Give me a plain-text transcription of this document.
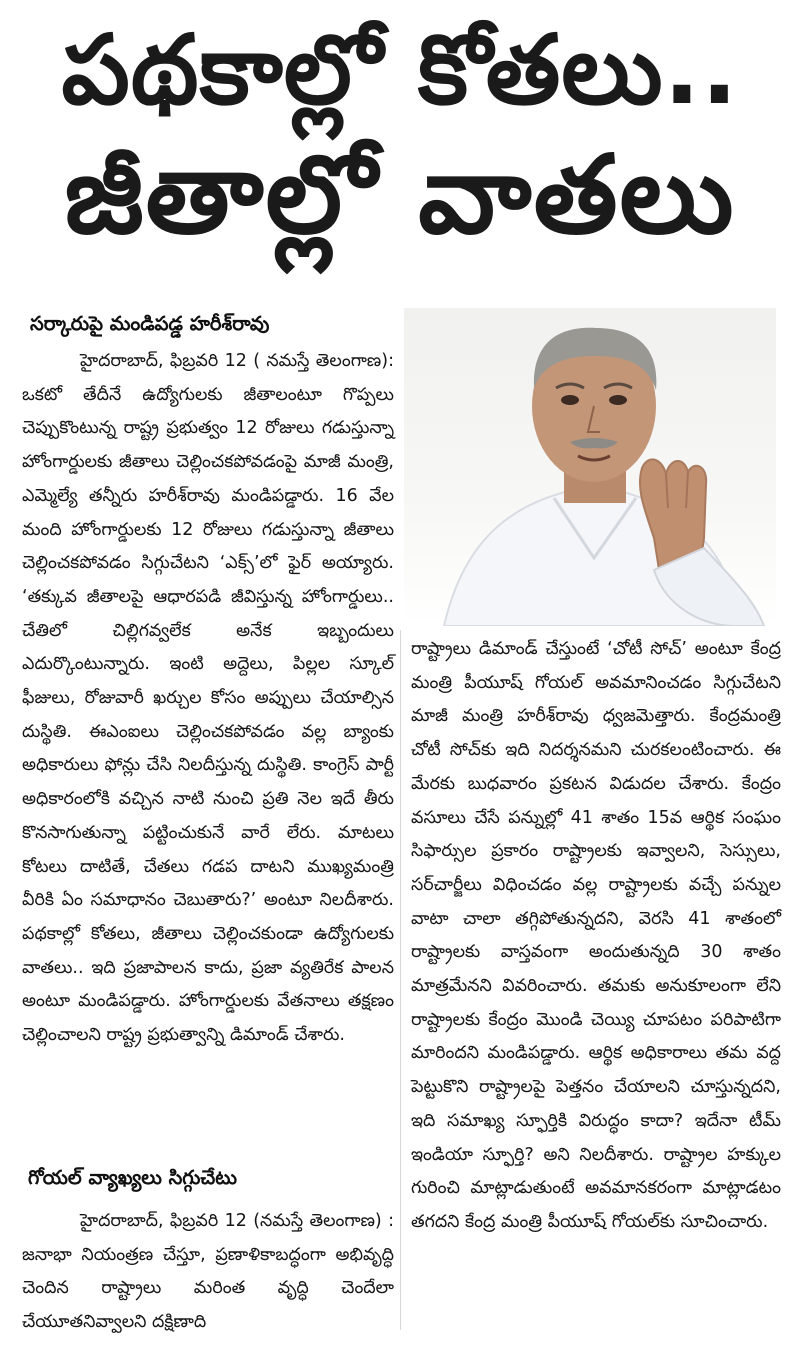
పథకాల్లో కోతలు..
జీతాల్లో వాతలు
సర్కారుపై మండిపడ్డ హరీశ్‌రావు

హైదరాబాద్, ఫిబ్రవరి 12 ( నమస్తే తెలంగాణ): ఒకటో తేదీనే ఉద్యోగులకు జీతాలంటూ గొప్పలు చెప్పుకొంటున్న రాష్ట్ర ప్రభుత్వం 12 రోజులు గడుస్తున్నా హోంగార్డులకు జీతాలు చెల్లించకపోవడంపై మాజీ మంత్రి, ఎమ్మెల్యే తన్నీరు హరీశ్‌రావు మండిపడ్డారు. 16 వేల మంది హోంగార్డులకు 12 రోజులు గడుస్తున్నా జీతాలు చెల్లించకపోవడం సిగ్గుచేటని ‘ఎక్స్’లో ఫైర్ అయ్యారు. ‘తక్కువ జీతాలపై ఆధారపడి జీవిస్తున్న హోంగార్డులు.. చేతిలో చిల్లిగవ్వలేక అనేక ఇబ్బందులు ఎదుర్కొంటున్నారు. ఇంటి అద్దెలు, పిల్లల స్కూల్ ఫీజులు, రోజువారీ ఖర్చుల కోసం అప్పులు చేయాల్సిన దుస్థితి. ఈఎంఐలు చెల్లించకపోవడం వల్ల బ్యాంకు అధికారులు ఫోన్లు చేసి నిలదీస్తున్న దుస్థితి. కాంగ్రెస్ పార్టీ అధికారంలోకి వచ్చిన నాటి నుంచి ప్రతి నెల ఇదే తీరు కొనసాగుతున్నా పట్టించుకునే వారే లేరు. మాటలు కోటలు దాటితే, చేతలు గడప దాటని ముఖ్యమంత్రి వీరికి ఏం సమాధానం చెబుతారు?’ అంటూ నిలదీశారు. పథకాల్లో కోతలు, జీతాలు చెల్లించకుండా ఉద్యోగులకు వాతలు.. ఇది ప్రజాపాలన కాదు, ప్రజా వ్యతిరేక పాలన అంటూ మండిపడ్డారు. హోంగార్డులకు వేతనాలు తక్షణం చెల్లించాలని రాష్ట్ర ప్రభుత్వాన్ని డిమాండ్ చేశారు.

గోయల్ వ్యాఖ్యలు సిగ్గుచేటు

హైదరాబాద్, ఫిబ్రవరి 12 (నమస్తే తెలంగాణ) : జనాభా నియంత్రణ చేస్తూ, ప్రణాళికాబద్ధంగా అభివృద్ధి చెందిన రాష్ట్రాలు మరింత వృద్ధి చెందేలా చేయూతనివ్వాలని దక్షిణాది

రాష్ట్రాలు డిమాండ్ చేస్తుంటే ‘చోటీ సోచ్’ అంటూ కేంద్ర మంత్రి పీయూష్ గోయల్ అవమానించడం సిగ్గుచేటని మాజీ మంత్రి హరీశ్‌రావు ధ్వజమెత్తారు. కేంద్రమంత్రి చోటీ సోచ్‌కు ఇది నిదర్శనమని చురకలంటించారు. ఈ మేరకు బుధవారం ప్రకటన విడుదల చేశారు. కేంద్రం వసూలు చేసే పన్నుల్లో 41 శాతం 15వ ఆర్థిక సంఘం సిఫార్సుల ప్రకారం రాష్ట్రాలకు ఇవ్వాలని, సెస్సులు, సర్‌చార్జీలు విధించడం వల్ల రాష్ట్రాలకు వచ్చే పన్నుల వాటా చాలా తగ్గిపోతున్నదని, వెరసి 41 శాతంలో రాష్ట్రాలకు వాస్తవంగా అందుతున్నది 30 శాతం మాత్రమేనని వివరించారు. తమకు అనుకూలంగా లేని రాష్ట్రాలకు కేంద్రం మొండి చెయ్యి చూపటం పరిపాటిగా మారిందని మండిపడ్డారు. ఆర్థిక అధికారాలు తమ వద్ద పెట్టుకొని రాష్ట్రాలపై పెత్తనం చేయాలని చూస్తున్నదని, ఇది సమాఖ్య స్ఫూర్తికి విరుద్ధం కాదా? ఇదేనా టీమ్ ఇండియా స్ఫూర్తి? అని నిలదీశారు. రాష్ట్రాల హక్కుల గురించి మాట్లాడుతుంటే అవమానకరంగా మాట్లాడటం తగదని కేంద్ర మంత్రి పీయూష్ గోయల్‌కు సూచించారు.
